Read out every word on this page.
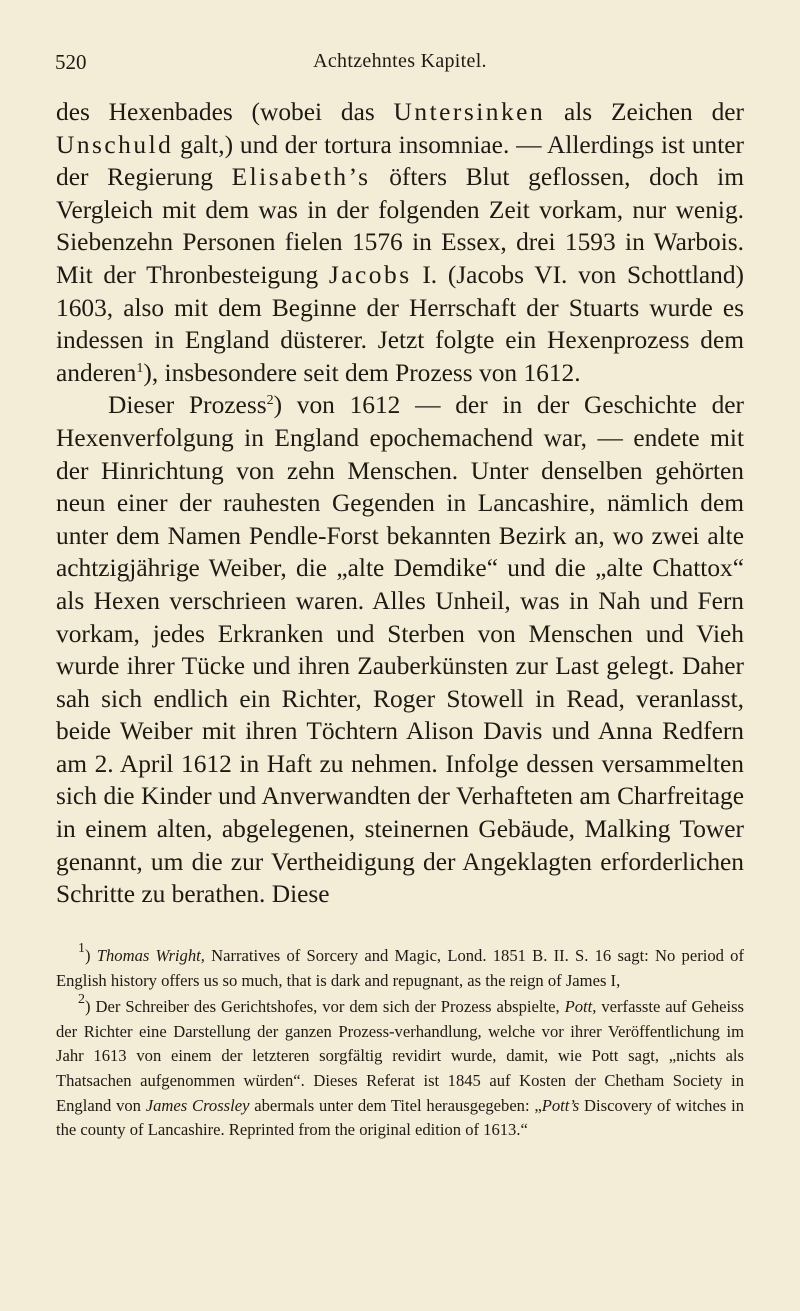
520	Achtzehntes Kapitel.

des Hexenbades (wobei das Untersinken als Zeichen der Unschuld galt,) und der tortura insomniae. — Allerdings ist unter der Regierung Elisabeth’s öfters Blut geflossen, doch im Vergleich mit dem was in der folgenden Zeit vorkam, nur wenig. Siebenzehn Personen fielen 1576 in Essex, drei 1593 in Warbois. Mit der Thronbesteigung Jacobs I. (Jacobs VI. von Schottland) 1603, also mit dem Beginne der Herrschaft der Stuarts wurde es indessen in England düsterer. Jetzt folgte ein Hexenprozess dem anderen$^1$), insbesondere seit dem Prozess von 1612.

Dieser Prozess$^2$) von 1612 — der in der Geschichte der Hexenverfolgung in England epochemachend war, — endete mit der Hinrichtung von zehn Menschen. Unter denselben gehörten neun einer der rauhesten Gegenden in Lancashire, nämlich dem unter dem Namen Pendle-Forst bekannten Bezirk an, wo zwei alte achtzigjährige Weiber, die „alte Demdike“ und die „alte Chattox“ als Hexen verschrieen waren. Alles Unheil, was in Nah und Fern vorkam, jedes Erkranken und Sterben von Menschen und Vieh wurde ihrer Tücke und ihren Zauberkünsten zur Last gelegt. Daher sah sich endlich ein Richter, Roger Stowell in Read, veranlasst, beide Weiber mit ihren Töchtern Alison Davis und Anna Redfern am 2. April 1612 in Haft zu nehmen. Infolge dessen versammelten sich die Kinder und Anverwandten der Verhafteten am Charfreitage in einem alten, abgelegenen, steinernen Gebäude, Malking Tower genannt, um die zur Vertheidigung der Angeklagten erforderlichen Schritte zu berathen. Diese

$^1$) Thomas Wright, Narratives of Sorcery and Magic, Lond. 1851 B. II. S. 16 sagt: No period of English history offers us so much, that is dark and repugnant, as the reign of James I,

$^2$) Der Schreiber des Gerichtshofes, vor dem sich der Prozess abspielte, Pott, verfasste auf Geheiss der Richter eine Darstellung der ganzen Prozess-verhandlung, welche vor ihrer Veröffentlichung im Jahr 1613 von einem der letzteren sorgfältig revidirt wurde, damit, wie Pott sagt, „nichts als Thatsachen aufgenommen würden“. Dieses Referat ist 1845 auf Kosten der Chetham Society in England von James Crossley abermals unter dem Titel herausgegeben: „Pott’s Discovery of witches in the county of Lancashire. Reprinted from the original edition of 1613.“
